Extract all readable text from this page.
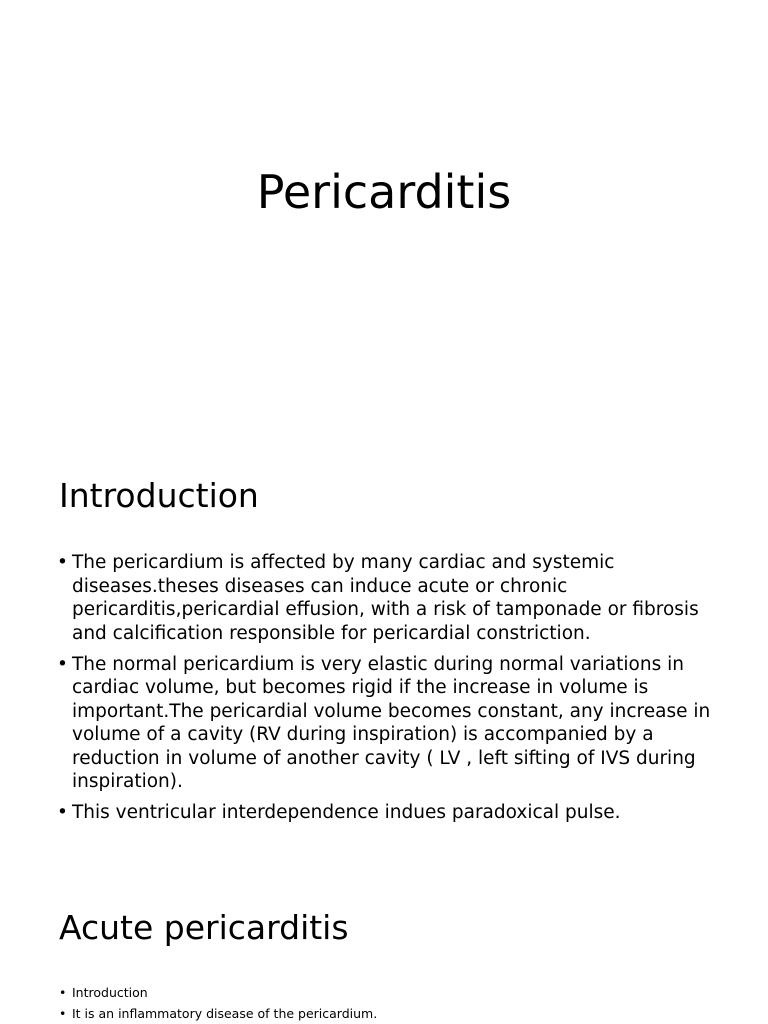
Pericarditis
Introduction
• The pericardium is affected by many cardiac and systemic diseases.theses diseases can induce acute or chronic pericarditis,pericardial effusion, with a risk of tamponade or fibrosis and calcification responsible for pericardial constriction.
• The normal pericardium is very elastic during normal variations in cardiac volume, but becomes rigid if the increase in volume is important.The pericardial volume becomes constant, any increase in volume of a cavity (RV during inspiration) is accompanied by a reduction in volume of another cavity ( LV , left sifting of IVS during inspiration).
• This ventricular interdependence indues paradoxical pulse.
Acute pericarditis
• Introduction
• It is an inflammatory disease of the pericardium.
